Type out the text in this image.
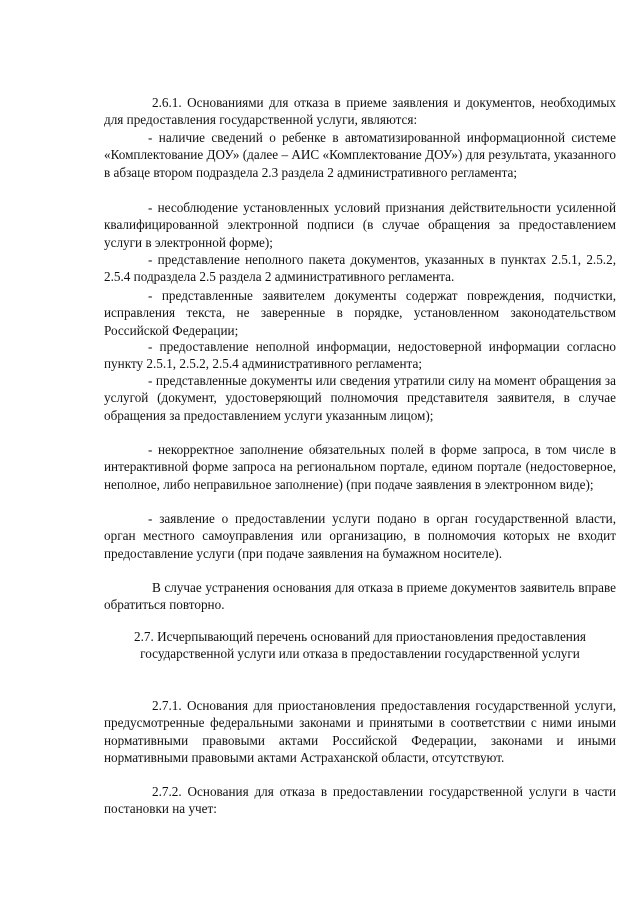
2.6.1. Основаниями для отказа в приеме заявления и документов, необходимых для предоставления государственной услуги, являются:

- наличие сведений о ребенке в автоматизированной информационной системе «Комплектование ДОУ» (далее – АИС «Комплектование ДОУ») для результата, указанного в абзаце втором подраздела 2.3 раздела 2 административного регламента;

- несоблюдение установленных условий признания действительности усиленной квалифицированной электронной подписи (в случае обращения за предоставлением услуги в электронной форме);

- представление неполного пакета документов, указанных в пунктах 2.5.1, 2.5.2, 2.5.4 подраздела 2.5 раздела 2 административного регламента.

- представленные заявителем документы содержат повреждения, подчистки, исправления текста, не заверенные в порядке, установленном законодательством Российской Федерации;

- предоставление неполной информации, недостоверной информации согласно пункту 2.5.1, 2.5.2, 2.5.4 административного регламента;

- представленные документы или сведения утратили силу на момент обращения за услугой (документ, удостоверяющий полномочия представителя заявителя, в случае обращения за предоставлением услуги указанным лицом);

- некорректное заполнение обязательных полей в форме запроса, в том числе в интерактивной форме запроса на региональном портале, едином портале (недостоверное, неполное, либо неправильное заполнение) (при подаче заявления в электронном виде);

- заявление о предоставлении услуги подано в орган государственной власти, орган местного самоуправления или организацию, в полномочия которых не входит предоставление услуги (при подаче заявления на бумажном носителе).

В случае устранения основания для отказа в приеме документов заявитель вправе обратиться повторно.

2.7. Исчерпывающий перечень оснований для приостановления предоставления государственной услуги или отказа в предоставлении государственной услуги

2.7.1. Основания для приостановления предоставления государственной услуги, предусмотренные федеральными законами и принятыми в соответствии с ними иными нормативными правовыми актами Российской Федерации, законами и иными нормативными правовыми актами Астраханской области, отсутствуют.

2.7.2. Основания для отказа в предоставлении государственной услуги в части постановки на учет:
